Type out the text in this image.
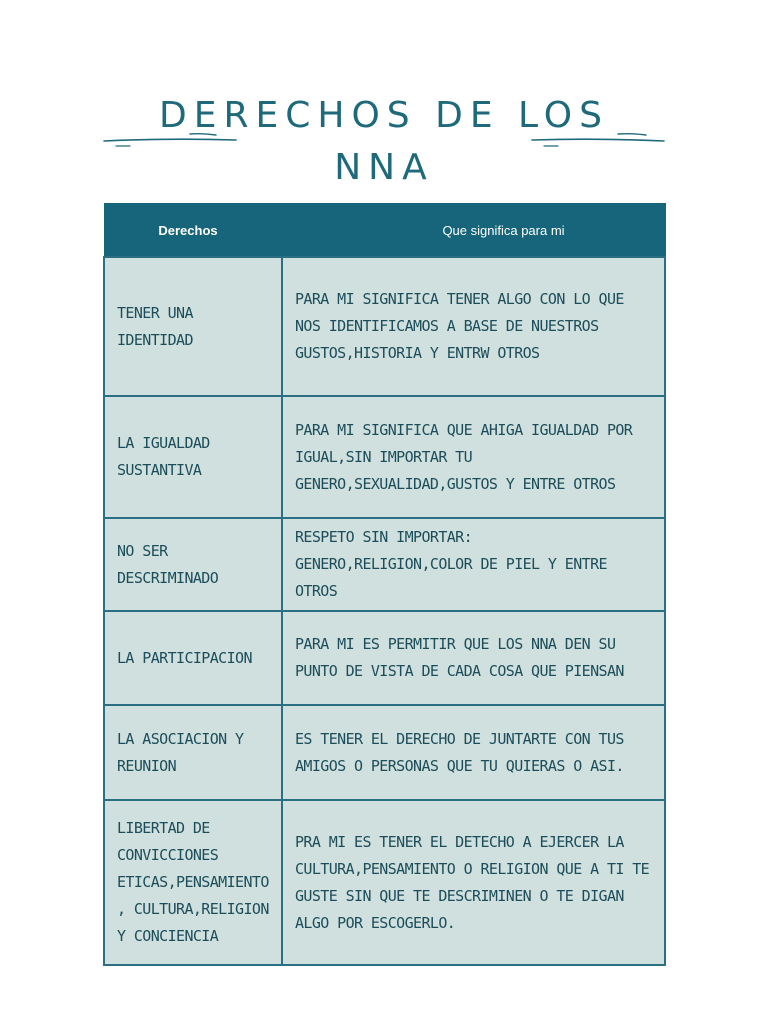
DERECHOS DE LOS
NNA
Derechos	Que significa para mi
TENER UNA IDENTIDAD	PARA MI SIGNIFICA TENER ALGO CON LO QUE NOS IDENTIFICAMOS A BASE DE NUESTROS GUSTOS,HISTORIA Y ENTRW OTROS
LA IGUALDAD SUSTANTIVA	PARA MI SIGNIFICA QUE AHIGA IGUALDAD POR IGUAL,SIN IMPORTAR TU GENERO,SEXUALIDAD,GUSTOS Y ENTRE OTROS
NO SER DESCRIMINADO	RESPETO SIN IMPORTAR: GENERO,RELIGION,COLOR DE PIEL Y ENTRE OTROS
LA PARTICIPACION	PARA MI ES PERMITIR QUE LOS NNA DEN SU PUNTO DE VISTA DE CADA COSA QUE PIENSAN
LA ASOCIACION Y REUNION	ES TENER EL DERECHO DE JUNTARTE CON TUS AMIGOS O PERSONAS QUE TU QUIERAS O ASI.
LIBERTAD DE CONVICCIONES ETICAS,PENSAMIENTO, CULTURA,RELIGION Y CONCIENCIA	PRA MI ES TENER EL DETECHO A EJERCER LA CULTURA,PENSAMIENTO O RELIGION QUE A TI TE GUSTE SIN QUE TE DESCRIMINEN O TE DIGAN ALGO POR ESCOGERLO.
